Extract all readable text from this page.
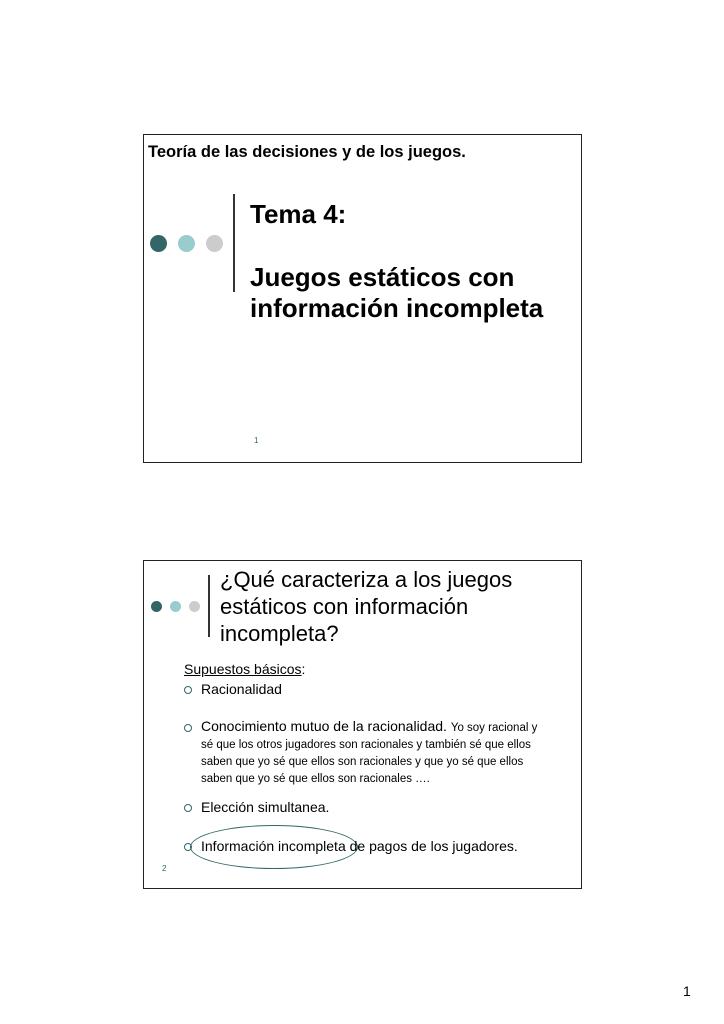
Teoría de las decisiones y de los juegos.
Tema 4:
Juegos estáticos con información incompleta
1
¿Qué caracteriza a los juegos estáticos con información incompleta?
Supuestos básicos:
Racionalidad
Conocimiento mutuo de la racionalidad. Yo soy racional y sé que los otros jugadores son racionales y también sé que ellos saben que yo sé que ellos son racionales y que yo sé que ellos saben que yo sé que ellos son racionales ….
Elección simultanea.
Información incompleta de pagos de los jugadores.
2
1
